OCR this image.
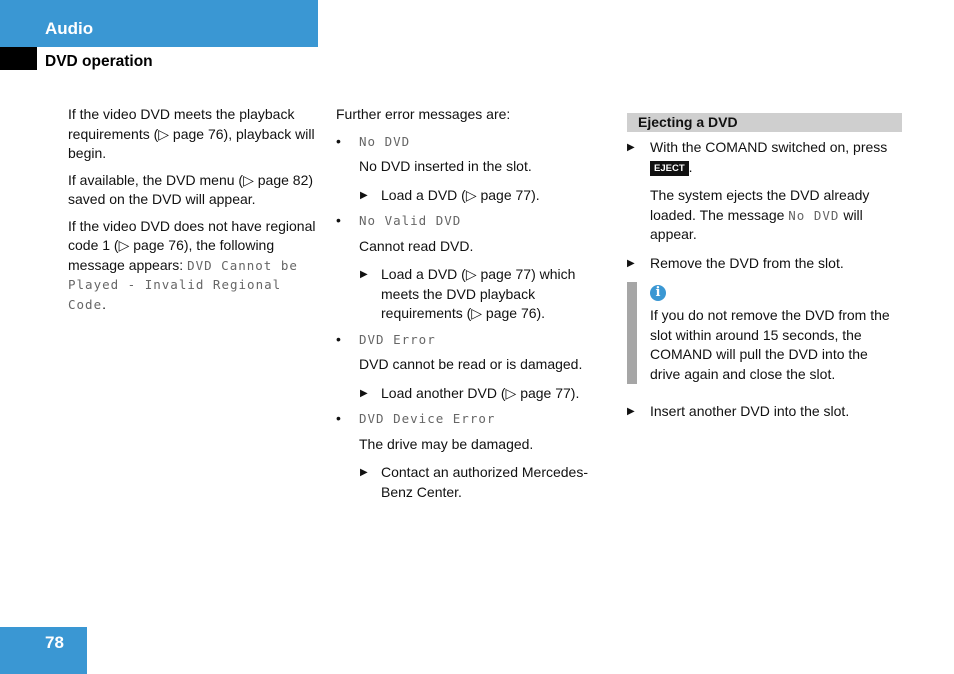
Audio
DVD operation

If the video DVD meets the playback requirements (▷ page 76), playback will begin.

If available, the DVD menu (▷ page 82) saved on the DVD will appear.

If the video DVD does not have regional code 1 (▷ page 76), the following message appears: DVD Cannot be Played - Invalid Regional Code.

Further error messages are:

• No DVD
No DVD inserted in the slot.
▶ Load a DVD (▷ page 77).
• No Valid DVD
Cannot read DVD.
▶ Load a DVD (▷ page 77) which meets the DVD playback requirements (▷ page 76).
• DVD Error
DVD cannot be read or is damaged.
▶ Load another DVD (▷ page 77).
• DVD Device Error
The drive may be damaged.
▶ Contact an authorized Mercedes-Benz Center.
Ejecting a DVD
▶ With the COMAND switched on, press EJECT .
The system ejects the DVD already loaded. The message No DVD will appear.
▶ Remove the DVD from the slot.
i
If you do not remove the DVD from the slot within around 15 seconds, the COMAND will pull the DVD into the drive again and close the slot.
▶ Insert another DVD into the slot.
78
